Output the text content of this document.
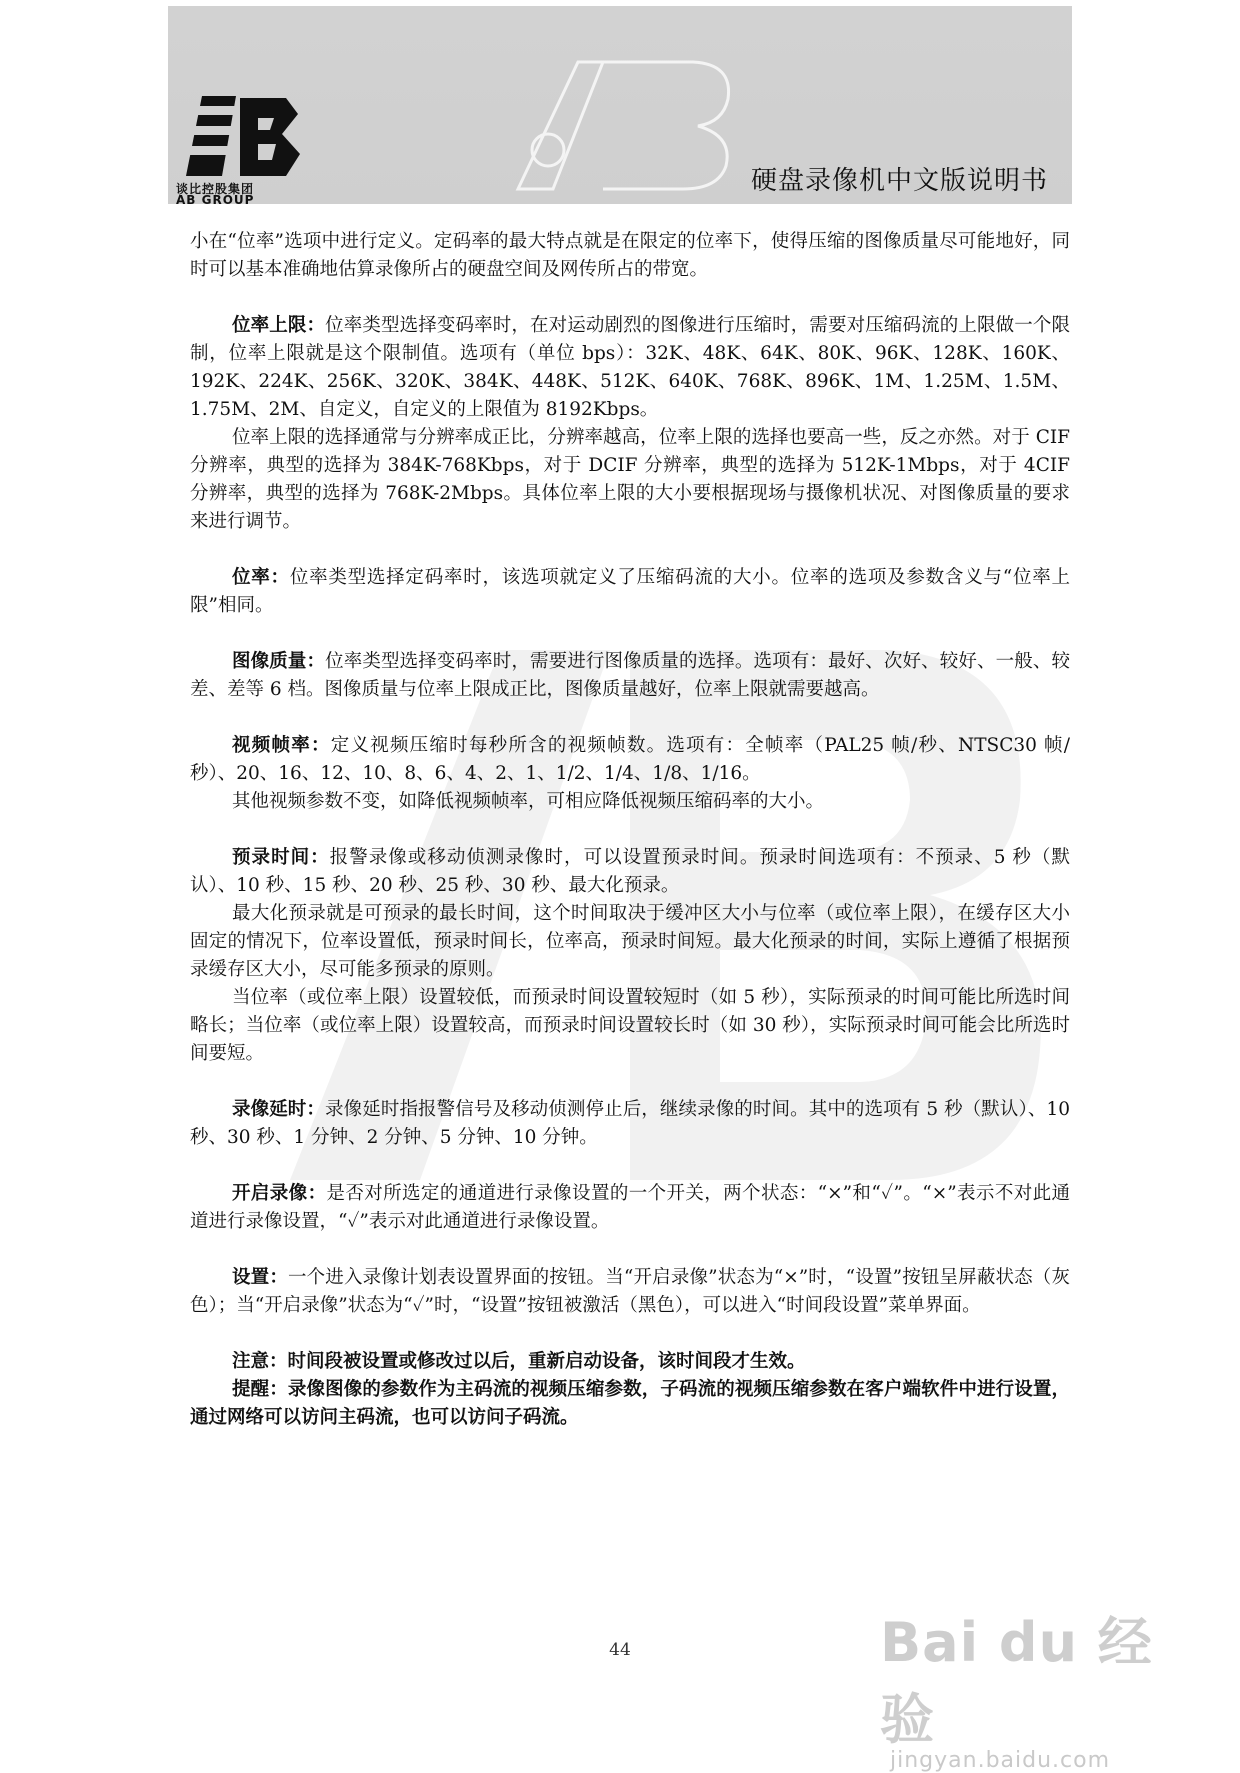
谈比控股集团
AB GROUP
硬盘录像机中文版说明书

小在“位率”选项中进行定义。定码率的最大特点就是在限定的位率下，使得压缩的图像质量尽可能地好，同时可以基本准确地估算录像所占的硬盘空间及网传所占的带宽。

位率上限：位率类型选择变码率时，在对运动剧烈的图像进行压缩时，需要对压缩码流的上限做一个限制，位率上限就是这个限制值。选项有（单位 bps）：32K、48K、64K、80K、96K、128K、160K、192K、224K、256K、320K、384K、448K、512K、640K、768K、896K、1M、1.25M、1.5M、1.75M、2M、自定义，自定义的上限值为 8192Kbps。

位率上限的选择通常与分辨率成正比，分辨率越高，位率上限的选择也要高一些，反之亦然。对于 CIF 分辨率，典型的选择为 384K-768Kbps，对于 DCIF 分辨率，典型的选择为 512K-1Mbps，对于 4CIF 分辨率，典型的选择为 768K-2Mbps。具体位率上限的大小要根据现场与摄像机状况、对图像质量的要求来进行调节。

位率：位率类型选择定码率时，该选项就定义了压缩码流的大小。位率的选项及参数含义与“位率上限”相同。

图像质量：位率类型选择变码率时，需要进行图像质量的选择。选项有：最好、次好、较好、一般、较差、差等 6 档。图像质量与位率上限成正比，图像质量越好，位率上限就需要越高。

视频帧率：定义视频压缩时每秒所含的视频帧数。选项有：全帧率（PAL25 帧/秒、NTSC30 帧/秒）、20、16、12、10、8、6、4、2、1、1/2、1/4、1/8、1/16。

其他视频参数不变，如降低视频帧率，可相应降低视频压缩码率的大小。

预录时间：报警录像或移动侦测录像时，可以设置预录时间。预录时间选项有：不预录、5 秒（默认）、10 秒、15 秒、20 秒、25 秒、30 秒、最大化预录。

最大化预录就是可预录的最长时间，这个时间取决于缓冲区大小与位率（或位率上限），在缓存区大小固定的情况下，位率设置低，预录时间长，位率高，预录时间短。最大化预录的时间，实际上遵循了根据预录缓存区大小，尽可能多预录的原则。

当位率（或位率上限）设置较低，而预录时间设置较短时（如 5 秒），实际预录的时间可能比所选时间略长；当位率（或位率上限）设置较高，而预录时间设置较长时（如 30 秒），实际预录时间可能会比所选时间要短。

录像延时：录像延时指报警信号及移动侦测停止后，继续录像的时间。其中的选项有 5 秒（默认）、10 秒、30 秒、1 分钟、2 分钟、5 分钟、10 分钟。

开启录像：是否对所选定的通道进行录像设置的一个开关，两个状态：“×”和“✓”。“×”表示不对此通道进行录像设置，“✓”表示对此通道进行录像设置。

设置：一个进入录像计划表设置界面的按钮。当“开启录像”状态为“×”时，“设置”按钮呈屏蔽状态（灰色）；当“开启录像”状态为“✓”时，“设置”按钮被激活（黑色），可以进入“时间段设置”菜单界面。

注意：时间段被设置或修改过以后，重新启动设备，该时间段才生效。

提醒：录像图像的参数作为主码流的视频压缩参数，子码流的视频压缩参数在客户端软件中进行设置，通过网络可以访问主码流，也可以访问子码流。

44	Bai du 经验
jingyan.baidu.com
